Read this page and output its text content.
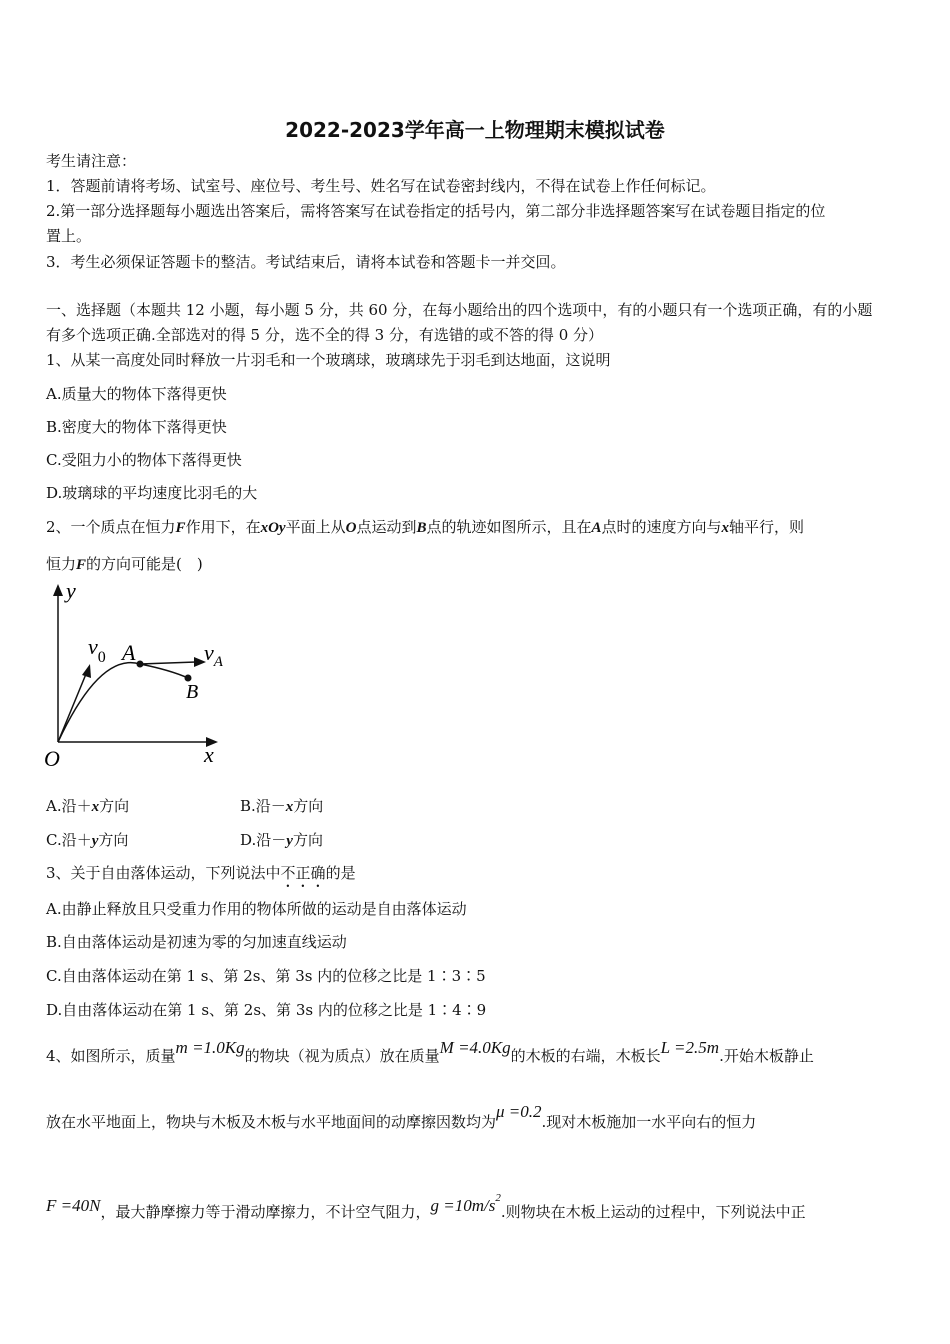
2022-2023学年高一上物理期末模拟试卷
考生请注意：
1．答题前请将考场、试室号、座位号、考生号、姓名写在试卷密封线内，不得在试卷上作任何标记。
2.第一部分选择题每小题选出答案后，需将答案写在试卷指定的括号内，第二部分非选择题答案写在试卷题目指定的位
置上。
3．考生必须保证答题卡的整洁。考试结束后，请将本试卷和答题卡一并交回。
一、选择题（本题共 12 小题，每小题 5 分，共 60 分，在每小题给出的四个选项中，有的小题只有一个选项正确，有的小题
有多个选项正确.全部选对的得 5 分，选不全的得 3 分，有选错的或不答的得 0 分）
1、从某一高度处同时释放一片羽毛和一个玻璃球，玻璃球先于羽毛到达地面，这说明
A.质量大的物体下落得更快
B.密度大的物体下落得更快
C.受阻力小的物体下落得更快
D.玻璃球的平均速度比羽毛的大
2、一个质点在恒力F作用下，在xOy平面上从O点运动到B点的轨迹如图所示，且在A点时的速度方向与x轴平行，则
恒力F的方向可能是(　)
y
x
O
$v_0$ A	$v_A$
B
A.沿＋x方向	B.沿－x方向
C.沿＋y方向	D.沿－y方向
3、关于自由落体运动，下列说法中不正确的是
A.由静止释放且只受重力作用的物体所做的运动是自由落体运动
B.自由落体运动是初速为零的匀加速直线运动
C.自由落体运动在第 1 s、第 2s、第 3s 内的位移之比是 1∶3∶5
D.自由落体运动在第 1 s、第 2s、第 3s 内的位移之比是 1∶4∶9
4、如图所示，质量m =1.0Kg的物块（视为质点）放在质量M =4.0Kg的木板的右端，木板长L =2.5m.开始木板静止
放在水平地面上，物块与木板及木板与水平地面间的动摩擦因数均为μ =0.2.现对木板施加一水平向右的恒力
F =40N，最大静摩擦力等于滑动摩擦力，不计空气阻力，$g =10m/s^2$.则物块在木板上运动的过程中，下列说法中正
